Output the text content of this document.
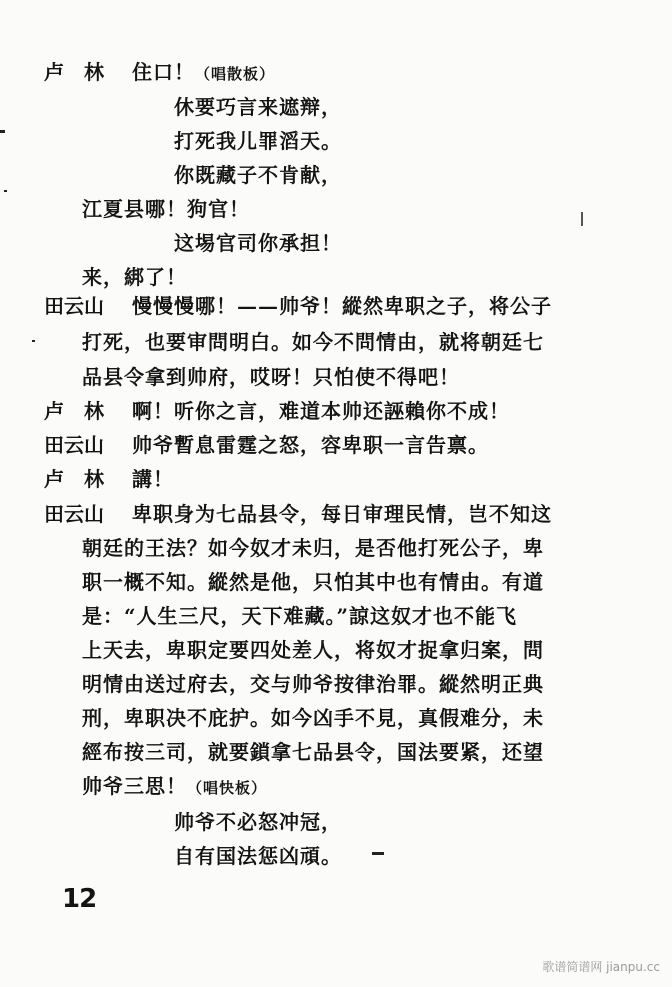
卢　林 住口！（唱散板）
休要巧言来遮辩，
打死我儿罪滔天。
你既藏子不肯献，
江夏县哪！狗官！
这埸官司你承担！
来，綁了！
田云山 慢慢慢哪！——帅爷！縱然卑职之子，将公子
打死，也要审問明白。如今不問情由，就将朝廷七
品县令拿到帅府，哎呀！只怕使不得吧！
卢　林 啊！听你之言，难道本帅还誣賴你不成！
田云山 帅爷暫息雷霆之怒，容卑职一言告禀。
卢　林 講！
田云山 卑职身为七品县令，每日审理民情，岂不知这
朝廷的王法？如今奴才未归，是否他打死公子，卑
职一概不知。縱然是他，只怕其中也有情由。有道
是：“人生三尺，天下难藏。”諒这奴才也不能飞
上天去，卑职定要四处差人，将奴才捉拿归案，問
明情由送过府去，交与帅爷按律治罪。縱然明正典
刑，卑职决不庇护。如今凶手不見，真假难分，未
經布按三司，就要鎖拿七品县令，国法要紧，还望
帅爷三思！（唱快板）
帅爷不必怒冲冠，
自有国法惩凶頑。
12
歌谱简谱网 jianpu.cc
